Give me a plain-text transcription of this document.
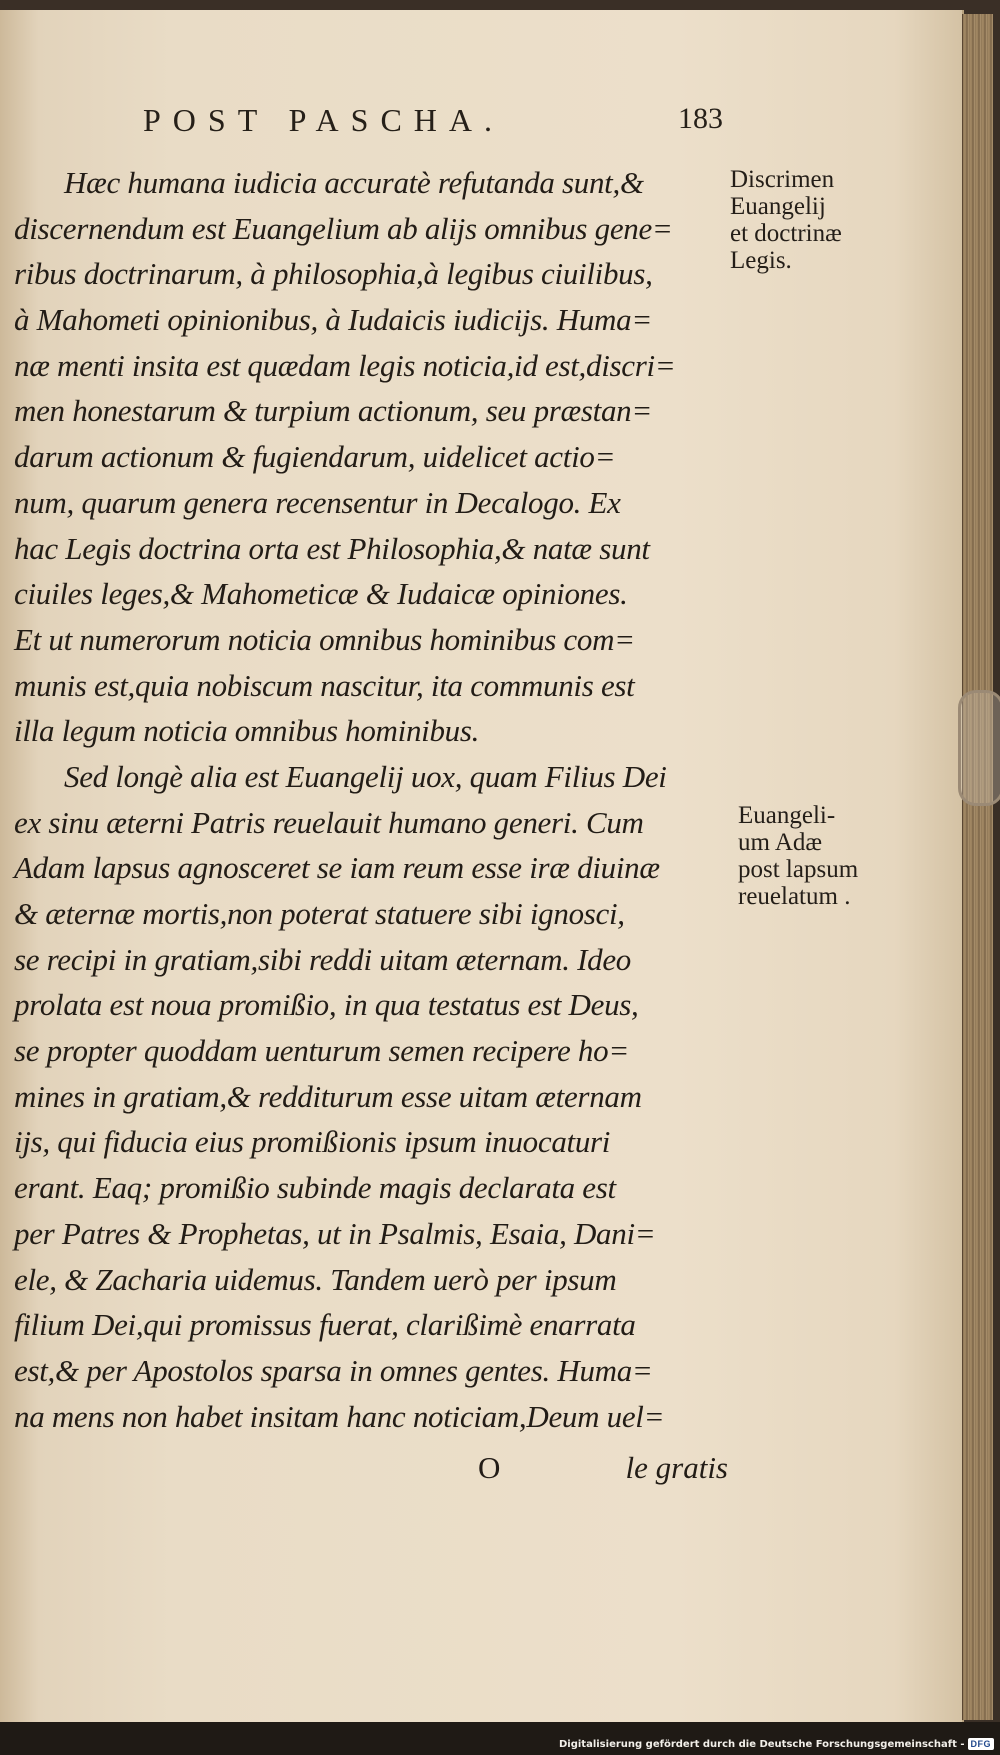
POST PASCHA.	183
Hæc humana iudicia accuratè refutanda sunt,&
discernendum est Euangelium ab alijs omnibus gene=
ribus doctrinarum, à philosophia,à legibus ciuilibus,
à Mahometi opinionibus, à Iudaicis iudicijs. Huma=
næ menti insita est quædam legis noticia,id est,discri=
men honestarum & turpium actionum, seu præstan=
darum actionum & fugiendarum, uidelicet actio=
num, quarum genera recensentur in Decalogo. Ex
hac Legis doctrina orta est Philosophia,& natæ sunt
ciuiles leges,& Mahometicæ & Iudaicæ opiniones.
Et ut numerorum noticia omnibus hominibus com=
munis est,quia nobiscum nascitur, ita communis est
illa legum noticia omnibus hominibus.
Sed longè alia est Euangelij uox, quam Filius Dei
ex sinu æterni Patris reuelauit humano generi. Cum
Adam lapsus agnosceret se iam reum esse iræ diuinæ
& æternæ mortis,non poterat statuere sibi ignosci,
se recipi in gratiam,sibi reddi uitam æternam. Ideo
prolata est noua promißio, in qua testatus est Deus,
se propter quoddam uenturum semen recipere ho=
mines in gratiam,& redditurum esse uitam æternam
ijs, qui fiducia eius promißionis ipsum inuocaturi
erant. Eaq; promißio subinde magis declarata est
per Patres & Prophetas, ut in Psalmis, Esaia, Dani=
ele, & Zacharia uidemus. Tandem uerò per ipsum
filium Dei,qui promissus fuerat, clarißimè enarrata
est,& per Apostolos sparsa in omnes gentes. Huma=
na mens non habet insitam hanc noticiam,Deum uel=
O	le gratis
Discrimen
Euangelij
et doctrinæ
Legis.
Euangeli-
um Adæ
post lapsum
reuelatum .
Digitalisierung gefördert durch die Deutsche Forschungsgemeinschaft - DFG
